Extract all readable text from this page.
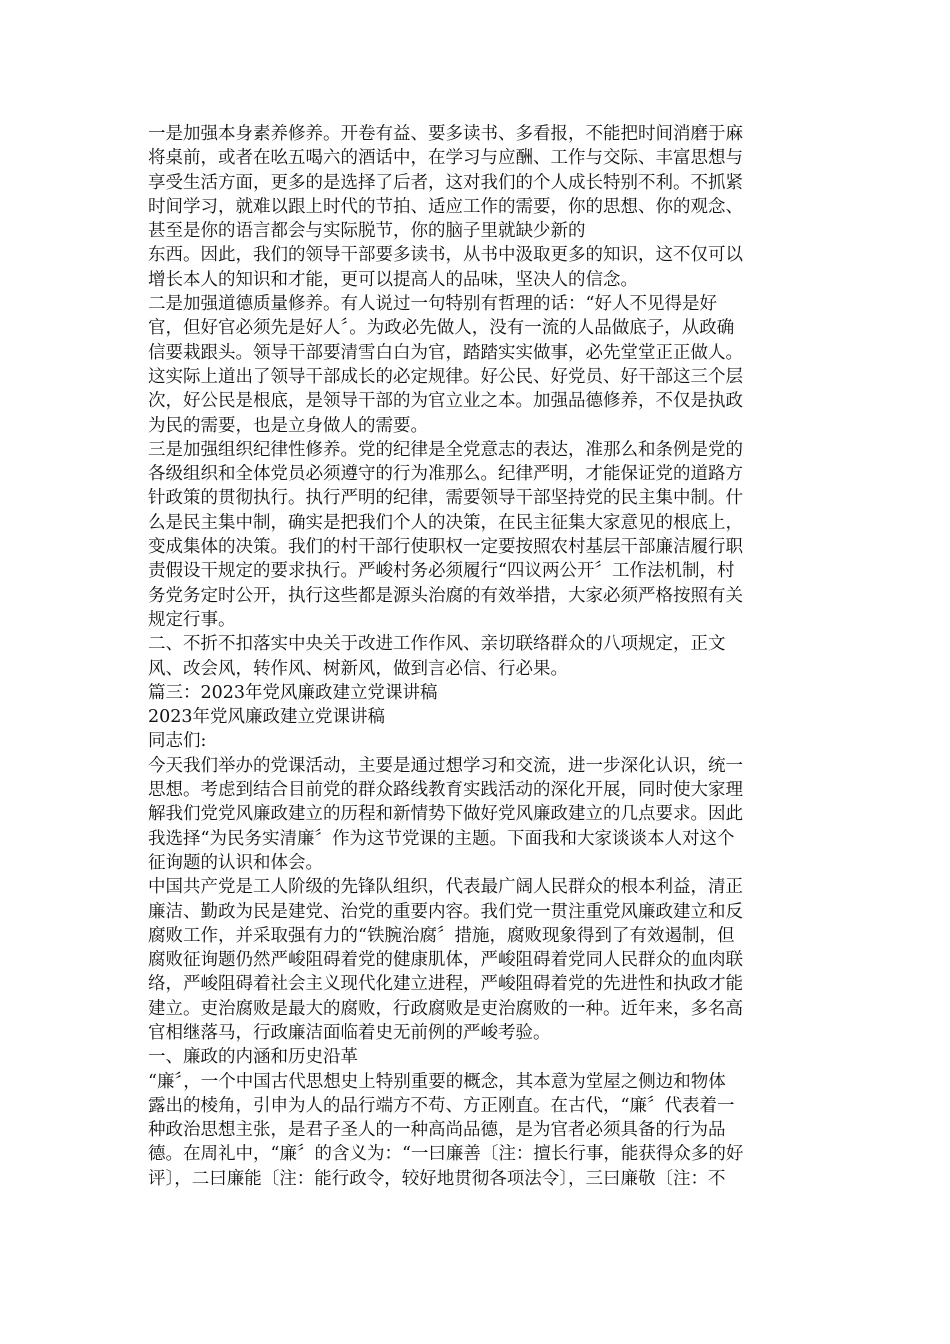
一是加强本身素养修养。开卷有益、要多读书、多看报，不能把时间消磨于麻
将桌前，或者在吆五喝六的酒话中，在学习与应酬、工作与交际、丰富思想与
享受生活方面，更多的是选择了后者，这对我们的个人成长特别不利。不抓紧
时间学习，就难以跟上时代的节拍、适应工作的需要，你的思想、你的观念、
甚至是你的语言都会与实际脱节，你的脑子里就缺少新的
东西。因此，我们的领导干部要多读书，从书中汲取更多的知识，这不仅可以
增长本人的知识和才能，更可以提高人的品味，坚决人的信念。
二是加强道德质量修养。有人说过一句特别有哲理的话：“好人不见得是好
官，但好官必须先是好人〞。为政必先做人，没有一流的人品做底子，从政确
信要栽跟头。领导干部要清雪白白为官，踏踏实实做事，必先堂堂正正做人。
这实际上道出了领导干部成长的必定规律。好公民、好党员、好干部这三个层
次，好公民是根底，是领导干部的为官立业之本。加强品德修养，不仅是执政
为民的需要，也是立身做人的需要。
三是加强组织纪律性修养。党的纪律是全党意志的表达，准那么和条例是党的
各级组织和全体党员必须遵守的行为准那么。纪律严明，才能保证党的道路方
针政策的贯彻执行。执行严明的纪律，需要领导干部坚持党的民主集中制。什
么是民主集中制，确实是把我们个人的决策，在民主征集大家意见的根底上，
变成集体的决策。我们的村干部行使职权一定要按照农村基层干部廉洁履行职
责假设干规定的要求执行。严峻村务必须履行“四议两公开〞工作法机制，村
务党务定时公开，执行这些都是源头治腐的有效举措，大家必须严格按照有关
规定行事。
二、不折不扣落实中央关于改进工作作风、亲切联络群众的八项规定，正文
风、改会风，转作风、树新风，做到言必信、行必果。
篇三：2023年党风廉政建立党课讲稿
2023年党风廉政建立党课讲稿
同志们:
今天我们举办的党课活动，主要是通过想学习和交流，进一步深化认识，统一
思想。考虑到结合目前党的群众路线教育实践活动的深化开展，同时使大家理
解我们党党风廉政建立的历程和新情势下做好党风廉政建立的几点要求。因此
我选择“为民务实清廉〞作为这节党课的主题。下面我和大家谈谈本人对这个
征询题的认识和体会。
中国共产党是工人阶级的先锋队组织，代表最广阔人民群众的根本利益，清正
廉洁、勤政为民是建党、治党的重要内容。我们党一贯注重党风廉政建立和反
腐败工作，并采取强有力的“铁腕治腐〞措施，腐败现象得到了有效遏制，但
腐败征询题仍然严峻阻碍着党的健康肌体，严峻阻碍着党同人民群众的血肉联
络，严峻阻碍着社会主义现代化建立进程，严峻阻碍着党的先进性和执政才能
建立。吏治腐败是最大的腐败，行政腐败是吏治腐败的一种。近年来，多名高
官相继落马，行政廉洁面临着史无前例的严峻考验。
一、廉政的内涵和历史沿革
“廉〞，一个中国古代思想史上特别重要的概念，其本意为堂屋之侧边和物体
露出的棱角，引申为人的品行端方不苟、方正刚直。在古代，“廉〞代表着一
种政治思想主张，是君子圣人的一种高尚品德，是为官者必须具备的行为品
德。在周礼中，“廉〞的含义为：“一曰廉善〔注：擅长行事，能获得众多的好
评〕，二曰廉能〔注：能行政令，较好地贯彻各项法令〕，三曰廉敬〔注：不
